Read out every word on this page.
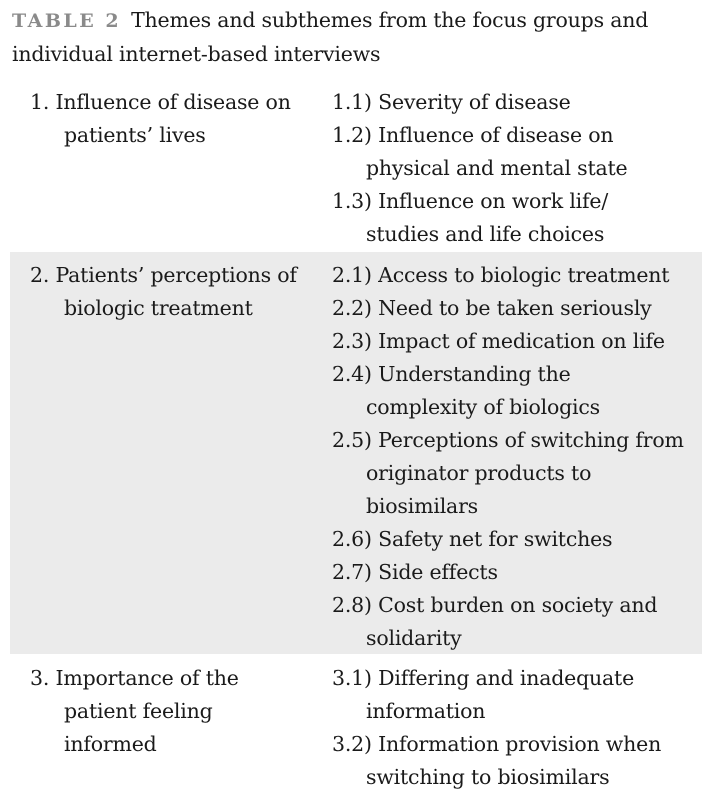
TABLE 2 Themes and subthemes from the focus groups and
individual internet-based interviews
1. Influence of disease on
patients’ lives
1.1) Severity of disease
1.2) Influence of disease on
physical and mental state
1.3) Influence on work life/
studies and life choices
2. Patients’ perceptions of
biologic treatment
2.1) Access to biologic treatment
2.2) Need to be taken seriously
2.3) Impact of medication on life
2.4) Understanding the
complexity of biologics
2.5) Perceptions of switching from
originator products to
biosimilars
2.6) Safety net for switches
2.7) Side effects
2.8) Cost burden on society and
solidarity
3. Importance of the
patient feeling
informed
3.1) Differing and inadequate
information
3.2) Information provision when
switching to biosimilars
